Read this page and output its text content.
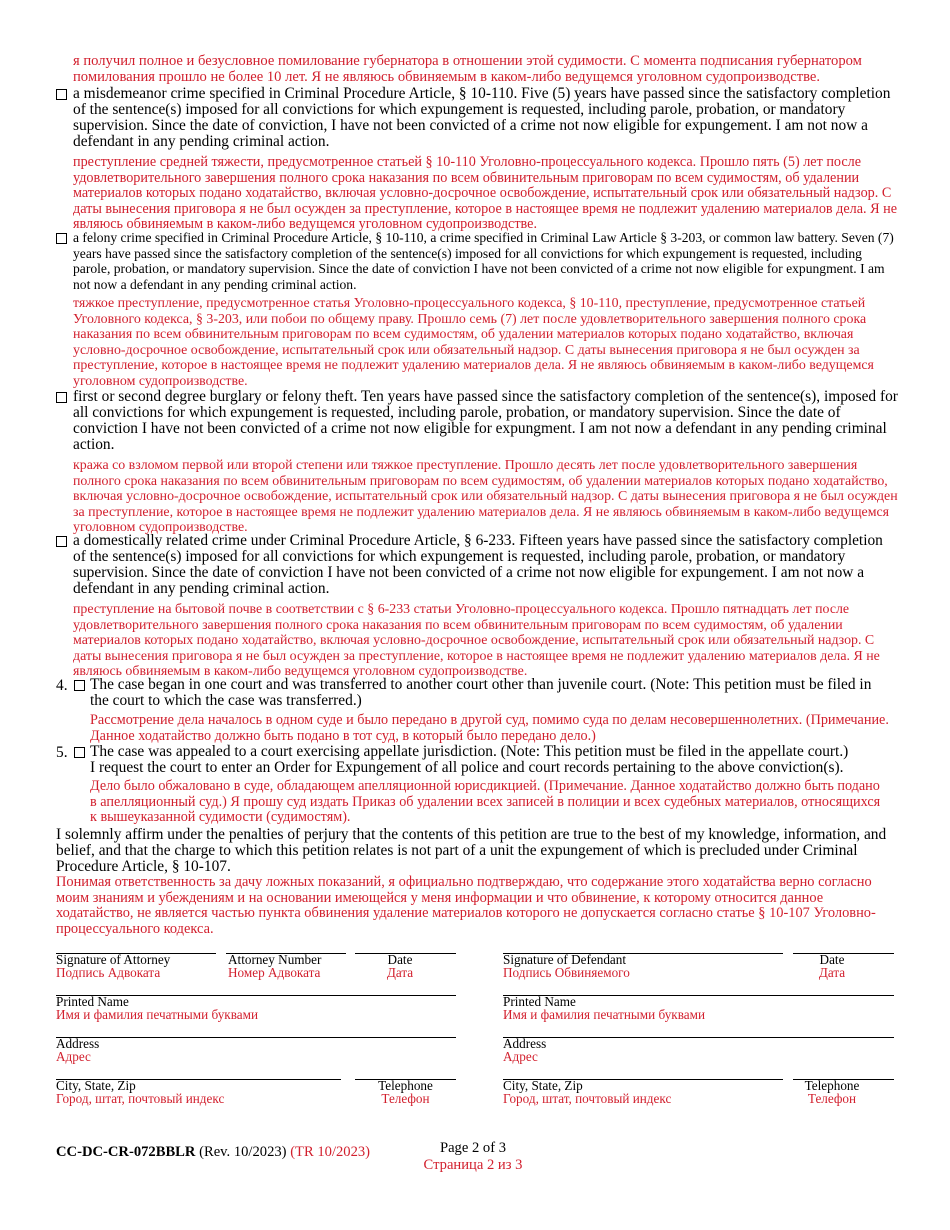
я получил полное и безусловное помилование губернатора в отношении этой судимости. С момента подписания губернатором помилования прошло не более 10 лет. Я не являюсь обвиняемым в каком-либо ведущемся уголовном судопроизводстве.
a misdemeanor crime specified in Criminal Procedure Article, § 10-110. Five (5) years have passed since the satisfactory completion of the sentence(s) imposed for all convictions for which expungement is requested, including parole, probation, or mandatory supervision. Since the date of conviction, I have not been convicted of a crime not now eligible for expungement. I am not now a defendant in any pending criminal action.
преступление средней тяжести, предусмотренное статьей § 10-110 Уголовно-процессуального кодекса. Прошло пять (5) лет после удовлетворительного завершения полного срока наказания по всем обвинительным приговорам по всем судимостям, об удалении материалов которых подано ходатайство, включая условно-досрочное освобождение, испытательный срок или обязательный надзор. С даты вынесения приговора я не был осужден за преступление, которое в настоящее время не подлежит удалению материалов дела. Я не являюсь обвиняемым в каком-либо ведущемся уголовном судопроизводстве.
a felony crime specified in Criminal Procedure Article, § 10-110, a crime specified in Criminal Law Article § 3-203, or common law battery. Seven (7) years have passed since the satisfactory completion of the sentence(s) imposed for all convictions for which expungement is requested, including parole, probation, or mandatory supervision. Since the date of conviction I have not been convicted of a crime not now eligible for expungment. I am not now a defendant in any pending criminal action.
тяжкое преступление, предусмотренное статья Уголовно-процессуального кодекса, § 10-110, преступление, предусмотренное статьей Уголовного кодекса, § 3-203, или побои по общему праву. Прошло семь (7) лет после удовлетворительного завершения полного срока наказания по всем обвинительным приговорам по всем судимостям, об удалении материалов которых подано ходатайство, включая условно-досрочное освобождение, испытательный срок или обязательный надзор. С даты вынесения приговора я не был осужден за преступление, которое в настоящее время не подлежит удалению материалов дела. Я не являюсь обвиняемым в каком-либо ведущемся уголовном судопроизводстве.
first or second degree burglary or felony theft. Ten years have passed since the satisfactory completion of the sentence(s), imposed for all convictions for which expungement is requested, including parole, probation, or mandatory supervision. Since the date of conviction I have not been convicted of a crime not now eligible for expungment. I am not now a defendant in any pending criminal action.
кража со взломом первой или второй степени или тяжкое преступление. Прошло десять лет после удовлетворительного завершения полного срока наказания по всем обвинительным приговорам по всем судимостям, об удалении материалов которых подано ходатайство, включая условно-досрочное освобождение, испытательный срок или обязательный надзор. С даты вынесения приговора я не был осужден за преступление, которое в настоящее время не подлежит удалению материалов дела. Я не являюсь обвиняемым в каком-либо ведущемся уголовном судопроизводстве.
a domestically related crime under Criminal Procedure Article, § 6-233. Fifteen years have passed since the satisfactory completion of the sentence(s) imposed for all convictions for which expungement is requested, including parole, probation, or mandatory supervision. Since the date of conviction I have not been convicted of a crime not now eligible for expungement. I am not now a defendant in any pending criminal action.
преступление на бытовой почве в соответствии с § 6-233 статьи Уголовно-процессуального кодекса. Прошло пятнадцать лет после удовлетворительного завершения полного срока наказания по всем обвинительным приговорам по всем судимостям, об удалении материалов которых подано ходатайство, включая условно-досрочное освобождение, испытательный срок или обязательный надзор. С даты вынесения приговора я не был осужден за преступление, которое в настоящее время не подлежит удалению материалов дела. Я не являюсь обвиняемым в каком-либо ведущемся уголовном судопроизводстве.
4. The case began in one court and was transferred to another court other than juvenile court. (Note: This petition must be filed in the court to which the case was transferred.)
Рассмотрение дела началось в одном суде и было передано в другой суд, помимо суда по делам несовершеннолетних. (Примечание. Данное ходатайство должно быть подано в тот суд, в который было передано дело.)
5. The case was appealed to a court exercising appellate jurisdiction. (Note: This petition must be filed in the appellate court.)
I request the court to enter an Order for Expungement of all police and court records pertaining to the above conviction(s).
Дело было обжаловано в суде, обладающем апелляционной юрисдикцией. (Примечание. Данное ходатайство должно быть подано в апелляционный суд.) Я прошу суд издать Приказ об удалении всех записей в полиции и всех судебных материалов, относящихся к вышеуказанной судимости (судимостям).
I solemnly affirm under the penalties of perjury that the contents of this petition are true to the best of my knowledge, information, and belief, and that the charge to which this petition relates is not part of a unit the expungement of which is precluded under Criminal Procedure Article, § 10-107.
Понимая ответственность за дачу ложных показаний, я официально подтверждаю, что содержание этого ходатайства верно согласно моим знаниям и убеждениям и на основании имеющейся у меня информации и что обвинение, к которому относится данное ходатайство, не является частью пункта обвинения удаление материалов которого не допускается согласно статье § 10-107 Уголовно-процессуального кодекса.
Signature of Attorney
Подпись Адвоката
Attorney Number
Номер Адвоката
Date
Дата
Printed Name
Имя и фамилия печатными буквами
Address
Адрес
City, State, Zip
Город, штат, почтовый индекс
Telephone
Телефон
Signature of Defendant
Подпись Обвиняемого
Date
Дата
Printed Name
Имя и фамилия печатными буквами
Address
Адрес
City, State, Zip
Город, штат, почтовый индекс
Telephone
Телефон
CC-DC-CR-072BBLR (Rev. 10/2023) (TR 10/2023)	Page 2 of 3
Страница 2 из 3
